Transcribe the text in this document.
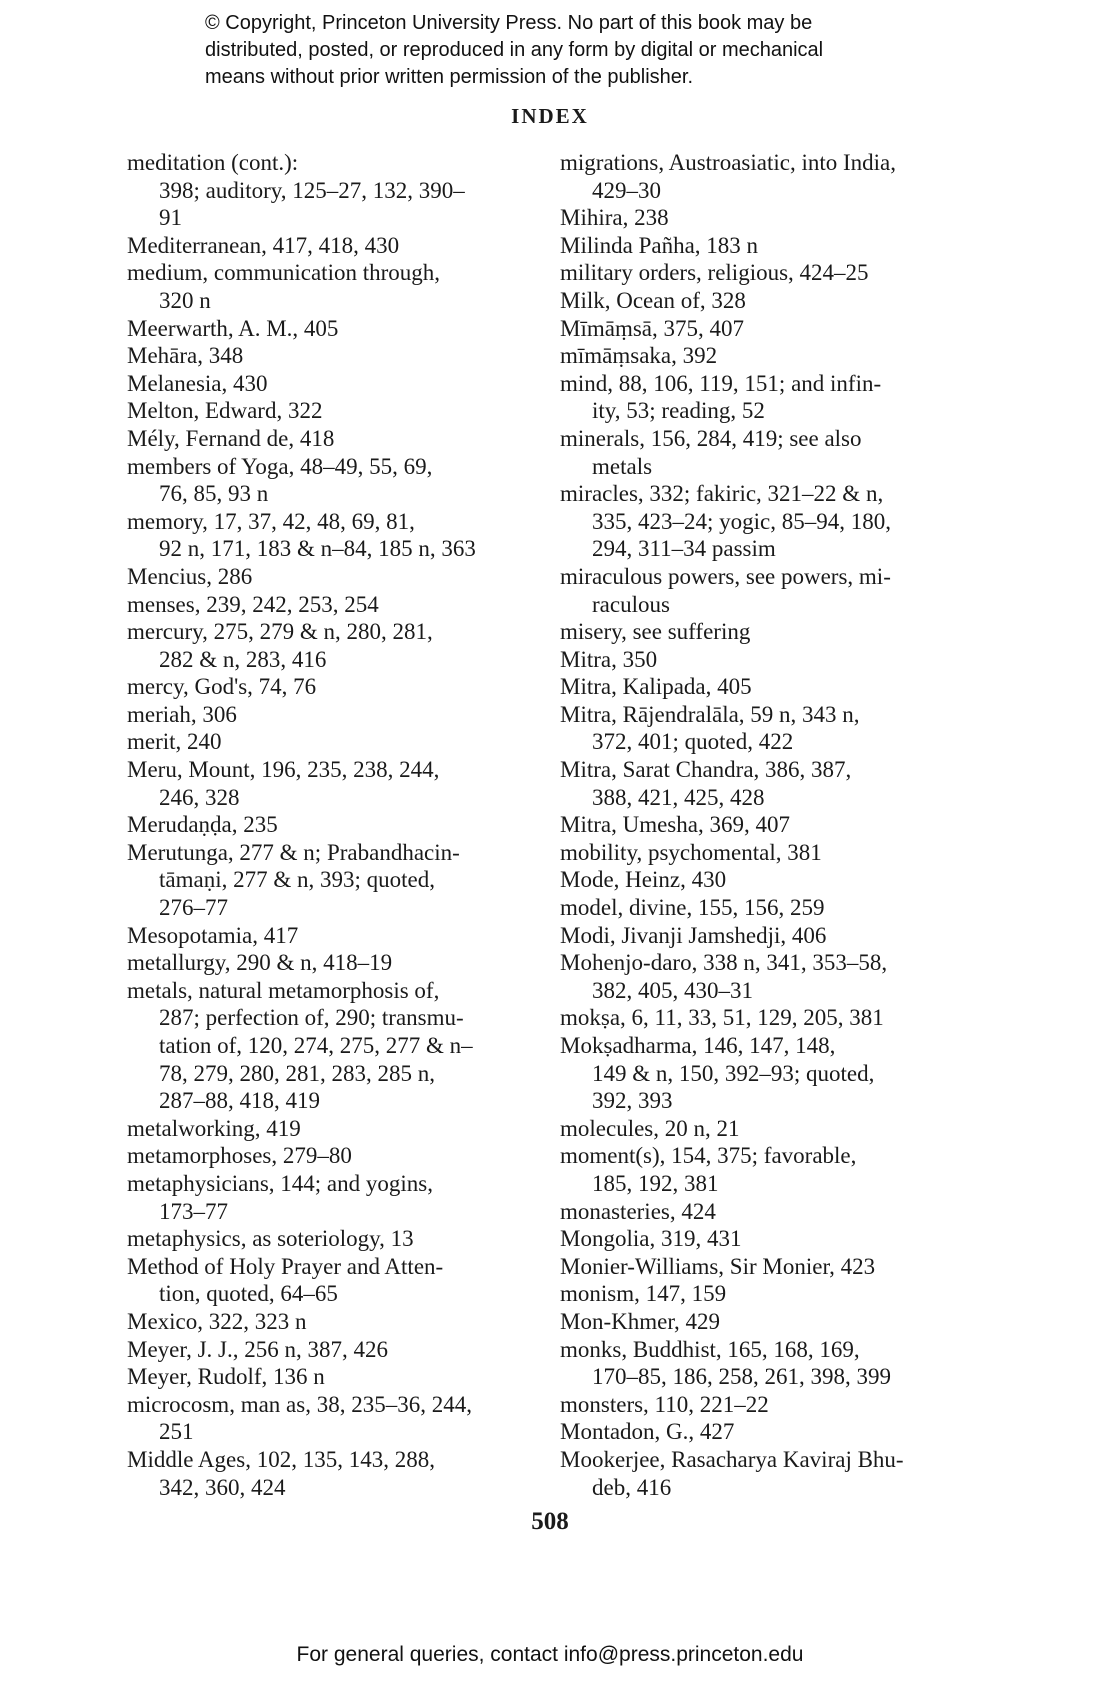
© Copyright, Princeton University Press. No part of this book may be
distributed, posted, or reproduced in any form by digital or mechanical
means without prior written permission of the publisher.
INDEX
meditation (cont.):
398; auditory, 125–27, 132, 390–
91
Mediterranean, 417, 418, 430
medium, communication through,
320 n
Meerwarth, A. M., 405
Mehāra, 348
Melanesia, 430
Melton, Edward, 322
Mély, Fernand de, 418
members of Yoga, 48–49, 55, 69,
76, 85, 93 n
memory, 17, 37, 42, 48, 69, 81,
92 n, 171, 183 & n–84, 185 n, 363
Mencius, 286
menses, 239, 242, 253, 254
mercury, 275, 279 & n, 280, 281,
282 & n, 283, 416
mercy, God's, 74, 76
meriah, 306
merit, 240
Meru, Mount, 196, 235, 238, 244,
246, 328
Merudaṇḍa, 235
Merutunga, 277 & n; Prabandhacin-
tāmaṇi, 277 & n, 393; quoted,
276–77
Mesopotamia, 417
metallurgy, 290 & n, 418–19
metals, natural metamorphosis of,
287; perfection of, 290; transmu-
tation of, 120, 274, 275, 277 & n–
78, 279, 280, 281, 283, 285 n,
287–88, 418, 419
metalworking, 419
metamorphoses, 279–80
metaphysicians, 144; and yogins,
173–77
metaphysics, as soteriology, 13
Method of Holy Prayer and Atten-
tion, quoted, 64–65
Mexico, 322, 323 n
Meyer, J. J., 256 n, 387, 426
Meyer, Rudolf, 136 n
microcosm, man as, 38, 235–36, 244,
251
Middle Ages, 102, 135, 143, 288,
342, 360, 424
migrations, Austroasiatic, into India,
429–30
Mihira, 238
Milinda Pañha, 183 n
military orders, religious, 424–25
Milk, Ocean of, 328
Mīmāṃsā, 375, 407
mīmāṃsaka, 392
mind, 88, 106, 119, 151; and infin-
ity, 53; reading, 52
minerals, 156, 284, 419; see also
metals
miracles, 332; fakiric, 321–22 & n,
335, 423–24; yogic, 85–94, 180,
294, 311–34 passim
miraculous powers, see powers, mi-
raculous
misery, see suffering
Mitra, 350
Mitra, Kalipada, 405
Mitra, Rājendralāla, 59 n, 343 n,
372, 401; quoted, 422
Mitra, Sarat Chandra, 386, 387,
388, 421, 425, 428
Mitra, Umesha, 369, 407
mobility, psychomental, 381
Mode, Heinz, 430
model, divine, 155, 156, 259
Modi, Jivanji Jamshedji, 406
Mohenjo-daro, 338 n, 341, 353–58,
382, 405, 430–31
mokṣa, 6, 11, 33, 51, 129, 205, 381
Mokṣadharma, 146, 147, 148,
149 & n, 150, 392–93; quoted,
392, 393
molecules, 20 n, 21
moment(s), 154, 375; favorable,
185, 192, 381
monasteries, 424
Mongolia, 319, 431
Monier-Williams, Sir Monier, 423
monism, 147, 159
Mon-Khmer, 429
monks, Buddhist, 165, 168, 169,
170–85, 186, 258, 261, 398, 399
monsters, 110, 221–22
Montadon, G., 427
Mookerjee, Rasacharya Kaviraj Bhu-
deb, 416
508
For general queries, contact info@press.princeton.edu
